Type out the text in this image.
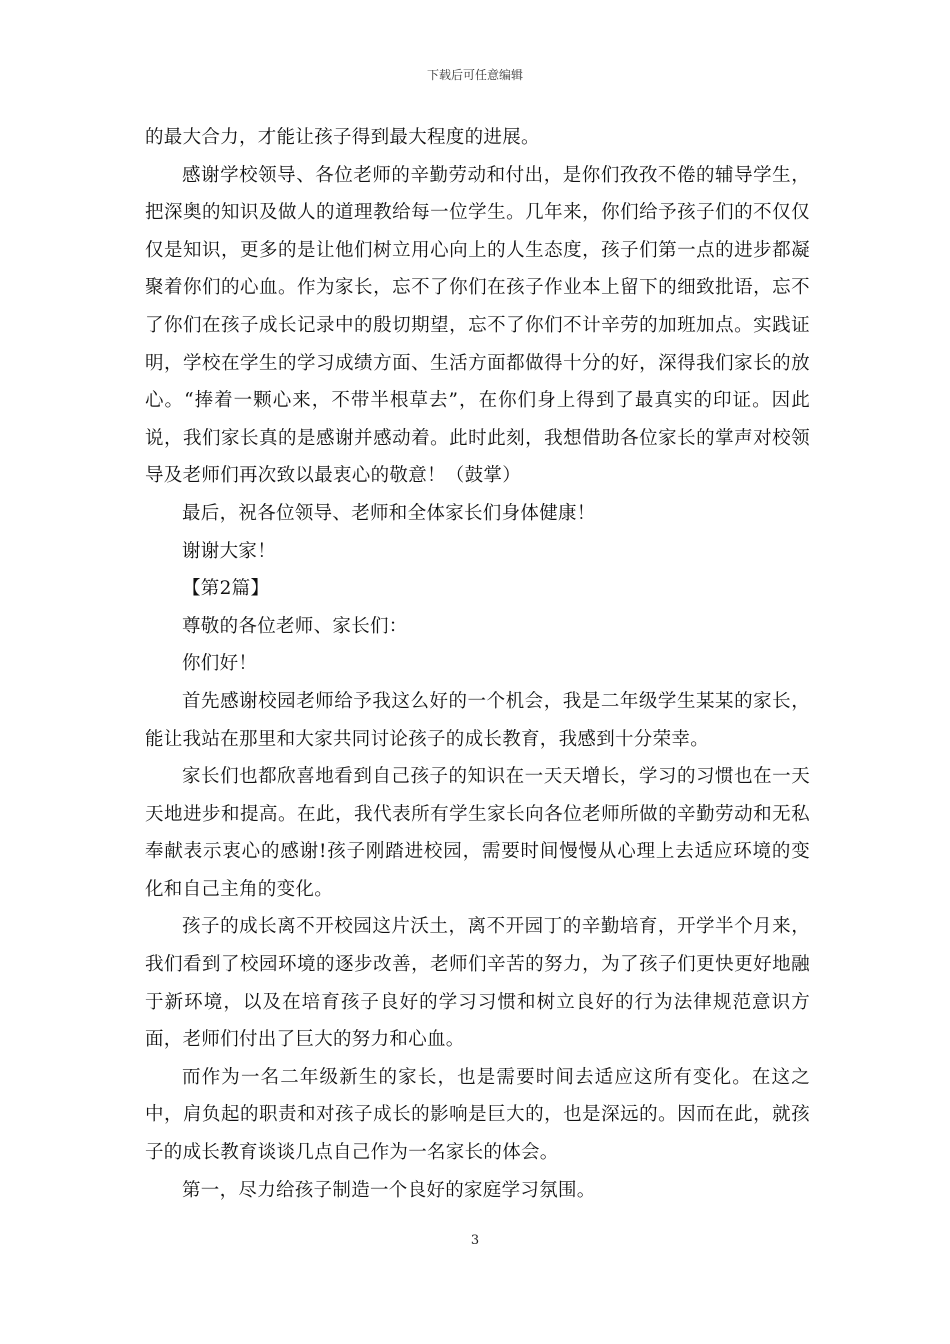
下载后可任意编辑

的最大合力，才能让孩子得到最大程度的进展。

感谢学校领导、各位老师的辛勤劳动和付出，是你们孜孜不倦的辅导学生，把深奥的知识及做人的道理教给每一位学生。几年来，你们给予孩子们的不仅仅仅是知识，更多的是让他们树立用心向上的人生态度，孩子们第一点的进步都凝聚着你们的心血。作为家长，忘不了你们在孩子作业本上留下的细致批语，忘不了你们在孩子成长记录中的殷切期望，忘不了你们不计辛劳的加班加点。实践证明，学校在学生的学习成绩方面、生活方面都做得十分的好，深得我们家长的放心。“捧着一颗心来，不带半根草去”，在你们身上得到了最真实的印证。因此说，我们家长真的是感谢并感动着。此时此刻，我想借助各位家长的掌声对校领导及老师们再次致以最衷心的敬意！（鼓掌）

最后，祝各位领导、老师和全体家长们身体健康！

谢谢大家！

【第2篇】

尊敬的各位老师、家长们：

你们好！

首先感谢校园老师给予我这么好的一个机会，我是二年级学生某某的家长，能让我站在那里和大家共同讨论孩子的成长教育，我感到十分荣幸。

家长们也都欣喜地看到自己孩子的知识在一天天增长，学习的习惯也在一天天地进步和提高。在此，我代表所有学生家长向各位老师所做的辛勤劳动和无私奉献表示衷心的感谢!孩子刚踏进校园，需要时间慢慢从心理上去适应环境的变化和自己主角的变化。

孩子的成长离不开校园这片沃土，离不开园丁的辛勤培育，开学半个月来，我们看到了校园环境的逐步改善，老师们辛苦的努力，为了孩子们更快更好地融于新环境，以及在培育孩子良好的学习习惯和树立良好的行为法律规范意识方面，老师们付出了巨大的努力和心血。

而作为一名二年级新生的家长，也是需要时间去适应这所有变化。在这之中，肩负起的职责和对孩子成长的影响是巨大的，也是深远的。因而在此，就孩子的成长教育谈谈几点自己作为一名家长的体会。

第一，尽力给孩子制造一个良好的家庭学习氛围。

3
